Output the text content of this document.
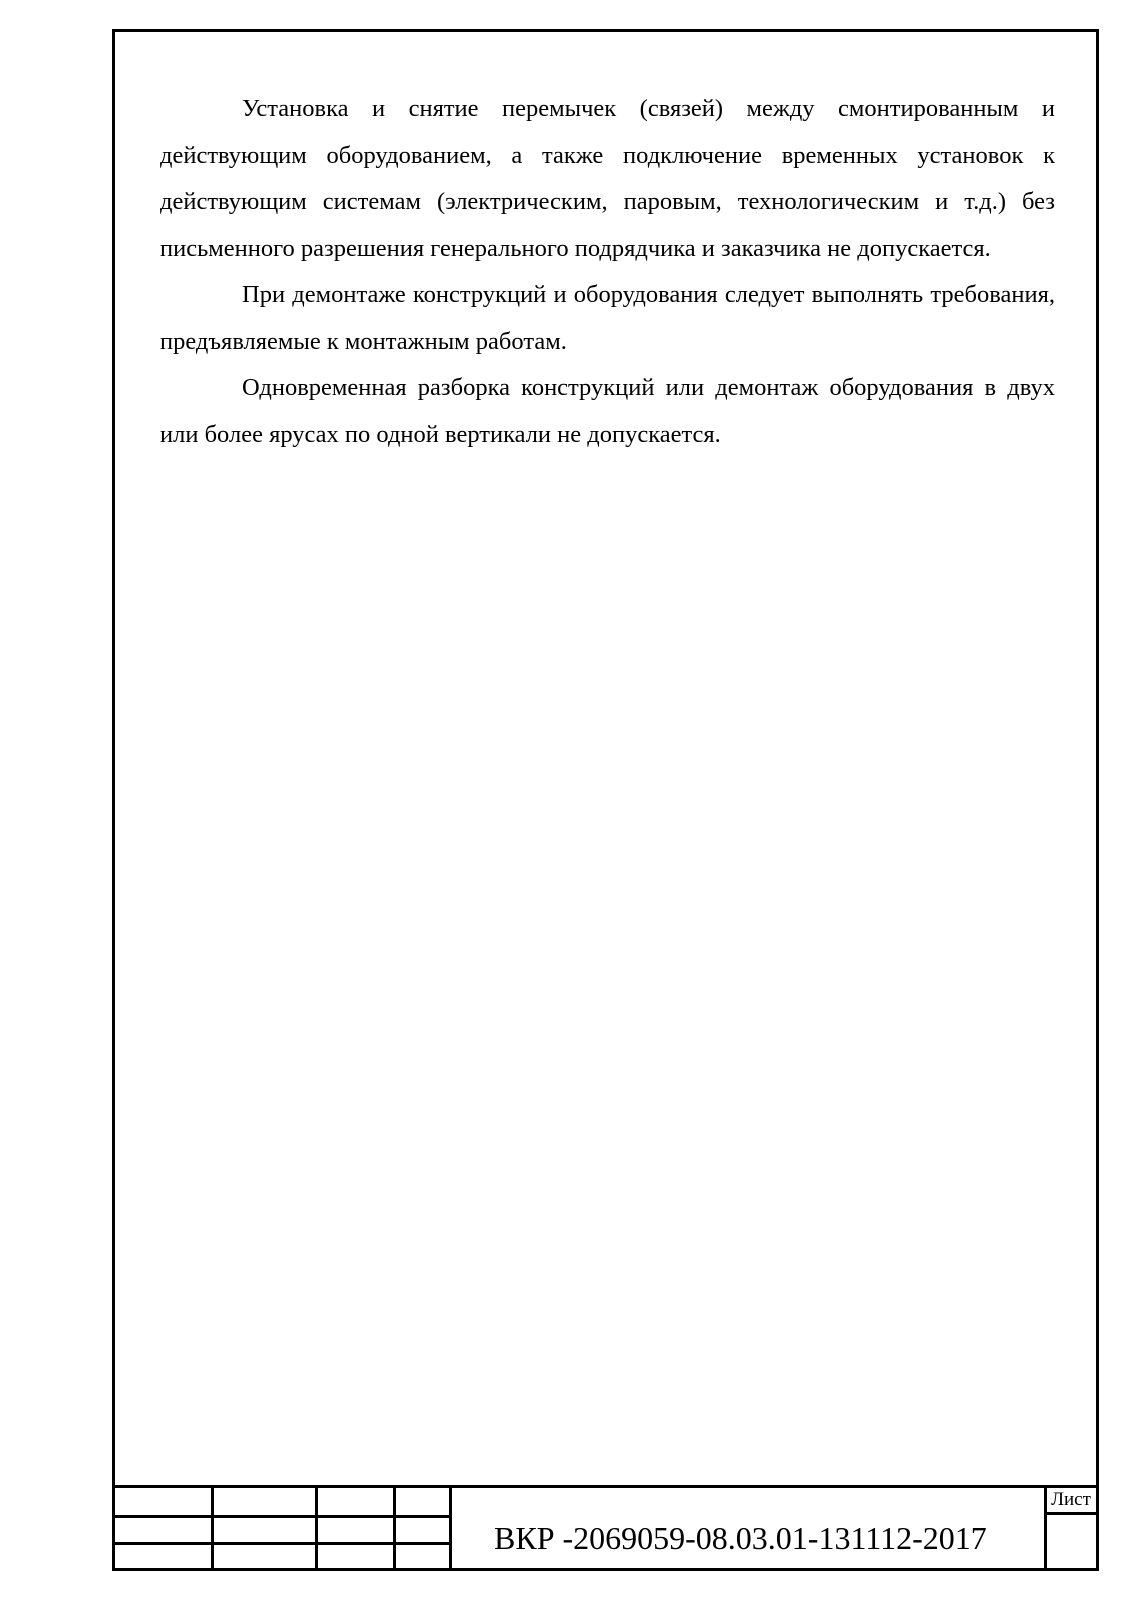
Установка и снятие перемычек (связей) между смонтированным и действующим оборудованием, а также подключение временных установок к действующим системам (электрическим, паровым, технологическим и т.д.) без письменного разрешения генерального подрядчика и заказчика не допускается.

При демонтаже конструкций и оборудования следует выполнять требования, предъявляемые к монтажным работам.

Одновременная разборка конструкций или демонтаж оборудования в двух или более ярусах по одной вертикали не допускается.

ВКР -2069059-08.03.01-131112-2017
Лист
